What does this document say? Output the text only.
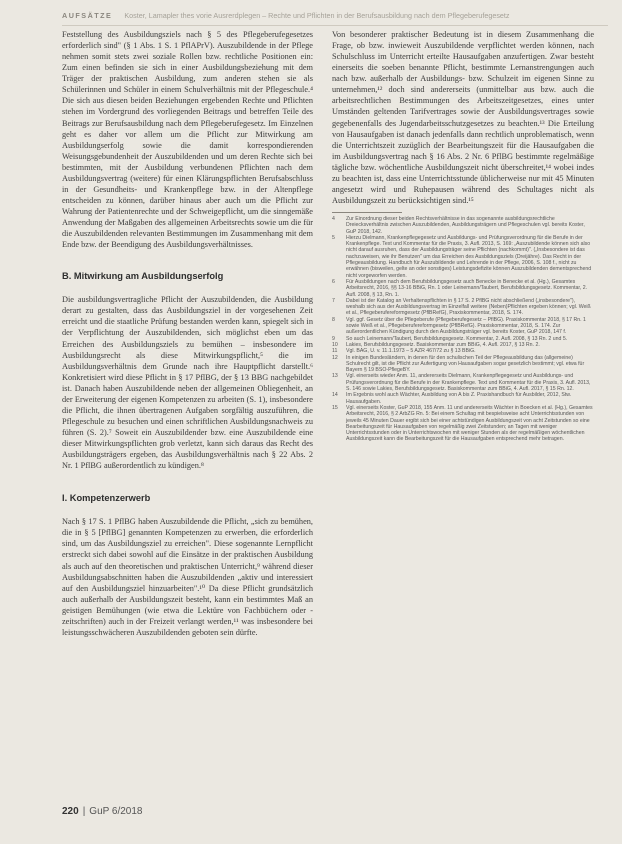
AUFSÄTZE Koster, Lamapler thes vorie Ausrerdplegen – Rechte und Pflichten in der Berufsausbildung nach dem Pflegeberufegesetz

Feststellung des Ausbildungsziels nach § 5 des Pflegeberufegesetzes erforderlich sind" (§ 1 Abs. 1 S. 1 PflAPrV). Auszubildende in der Pflege nehmen somit stets zwei soziale Rollen bzw. rechtliche Positionen ein: Zum einen befinden sie sich in einer Ausbildungsbeziehung mit dem Träger der praktischen Ausbildung, zum anderen stehen sie als Schülerinnen und Schüler in einem Schulverhältnis mit der Pflegeschule.⁴ Die sich aus diesen beiden Beziehungen ergebenden Rechte und Pflichten stehen im Vordergrund des vorliegenden Beitrags und betreffen Teile des Beitrags zur Berufsausbildung nach dem Pflegeberufegesetz. Im Einzelnen geht es daher vor allem um die Pflicht zur Mitwirkung am Ausbildungserfolg sowie die damit korrespondierenden Weisungsgebundenheit der Auszubildenden und um deren Rechte sich bei bestimmten, mit der Ausbildung verbundenen Pflichten nach dem Ausbildungsvertrag (weitere) für einen Klärungspflichten Berufsabschluss in der Gesundheits- und Krankenpflege bzw. in der Altenpflege entscheiden zu können, darüber hinaus aber auch um die Pflicht zur Wahrung der Patientenrechte und der Schweigepflicht, um die sinngemäße Anwendung der Maßgaben des allgemeinen Arbeitsrechts sowie um die für die Auszubildenden relevanten Bestimmungen im Zusammenhang mit dem Ende bzw. der Beendigung des Ausbildungsverhältnisses.

B. Mitwirkung am Ausbildungserfolg

Die ausbildungsvertragliche Pflicht der Auszubildenden, die Ausbildung derart zu gestalten, dass das Ausbildungsziel in der vorgesehenen Zeit erreicht und die staatliche Prüfung bestanden werden kann, spiegelt sich in der Verpflichtung der Auszubildenden, sich möglichst eben um das Erreichen des Ausbildungsziels zu bemühen – insbesondere im Ausbildungsrecht als diese Mitwirkungspflicht,⁵ die im Ausbildungsverhältnis dem Grunde nach ihre Hauptpflicht darstellt.⁶ Konkretisiert wird diese Pflicht in § 17 PflBG, der § 13 BBG nachgebildet ist. Danach haben Auszubildende neben der allgemeinen Obliegenheit, an der Erweiterung der eigenen Kompetenzen zu arbeiten (S. 1), insbesondere die Pflicht, die ihnen übertragenen Aufgaben sorgfältig auszuführen, die Pflegeschule zu besuchen und einen schriftlichen Ausbildungsnachweis zu führen (S. 2).⁷ Soweit ein Auszubildender bzw. eine Auszubildende eine dieser Mitwirkungspflichten grob verletzt, kann sich daraus das Recht des Ausbildungsträgers ergeben, das Ausbildungsverhältnis nach § 22 Abs. 2 Nr. 1 PflBG außerordentlich zu kündigen.⁸

I. Kompetenzerwerb

Nach § 17 S. 1 PflBG haben Auszubildende die Pflicht, „sich zu bemühen, die in § 5 [PflBG] genannten Kompetenzen zu erwerben, die erforderlich sind, um das Ausbildungsziel zu erreichen". Diese sogenannte Lernpflicht erstreckt sich dabei sowohl auf die Einsätze in der praktischen Ausbildung als auch auf den theoretischen und praktischen Unterricht,⁹ während dieser Ausbildungsabschnitten haben die Auszubildenden „aktiv und interessiert auf den Ausbildungsziel hinzuarbeiten".¹⁰ Da diese Pflicht grundsätzlich auch außerhalb der Ausbildungszeit besteht, kann ein bestimmtes Maß an geistigen Bemühungen (wie etwa die Lektüre von Fachbüchern oder -zeitschriften) auch in der Freizeit verlangt werden,¹¹ was insbesondere bei leistungsschwächeren Auszubildenden geboten sein dürfte.

Von besonderer praktischer Bedeutung ist in diesem Zusammenhang die Frage, ob bzw. inwieweit Auszubildende verpflichtet werden können, nach Schulschluss im Unterricht erteilte Hausaufgaben anzufertigen. Zwar besteht einerseits die soeben benannte Pflicht, bestimmte Lernanstrengungen auch nach bzw. außerhalb der Ausbildungs- bzw. Schulzeit im eigenen Sinne zu unternehmen,¹² doch sind andererseits (unmittelbar aus bzw. auch die arbeitsrechtlichen Bestimmungen des Arbeitszeitgesetzes, eines unter Umständen geltenden Tarifvertrages sowie der Ausbildungsvertrages sowie gegebenenfalls des Jugendarbeitsschutzgesetzes zu beachten.¹³ Die Erteilung von Hausaufgaben ist danach jedenfalls dann rechtlich unproblematisch, wenn die Unterrichtszeit zuzüglich der Bearbeitungszeit für die Hausaufgaben die im Ausbildungsvertrag nach § 16 Abs. 2 Nr. 6 PflBG bestimmte regelmäßige tägliche bzw. wöchentliche Ausbildungszeit nicht überschreitet,¹⁴ wobei indes zu beachten ist, dass eine Unterrichtsstunde üblicherweise nur mit 45 Minuten angesetzt wird und Ruhepausen während des Schultages nicht als Ausbildungszeit zu berücksichtigen sind.¹⁵

4	Zur Einordnung dieser beiden Rechtsverhältnisse in das sogenannte ausbildungsrechtliche Dreiecksverhältnis zwischen Auszubildenden, Ausbildungsträgern und Pflegeschulen vgl. bereits Koster, GuP 2018, 142.
5	Hierzu Dielmann, Krankenpflegegesetz und Ausbildungs- und Prüfungsverordnung für die Berufe in der Krankenpflege. Text und Kommentar für die Praxis, 3. Aufl. 2013, S. 169: „Auszubildende können sich also nicht darauf ausruhen, dass der Ausbildungsträger seine Pflichten (nachkommt)". („Insbesondere ist das nachzuweisen, wie ihr Benutzen" um das Erreichen des Ausbildungsziels (Dreijähre). Das Recht in der Pflegeausbildung. Handbuch für Auszubildende und Lehrende in der Pflege, 2006, S. 108 f., nicht zu erwähnen (bisweilen, gelte an oder sonstiges) Leistungsdefizite können Auszubildenden dementsprechend nicht vorgeworfen werden.
6	Für Ausbildungen nach dem Berufsbildungsgesetz auch Benecke in Benecke et al. (Hg.), Gesamtes Arbeitsrecht, 2016, §§ 13-16 BBiG, Rn. 1 oder Leinemann/Taubert, Berufsbildungsgesetz. Kommentar, 2. Aufl. 2008, § 13, Rn. 1.
7	Dabei ist der Katalog an Verhaltenspflichten in § 17 S. 2 PflBG nicht abschließend („insbesondere"), weshalb sich aus der Ausbildungsvertrag im Einzelfall weitere (Neben)Pflichten ergeben können; vgl. Weiß et al., Pflegeberufereformgesetz (PflBRefG), Praxiskommentar, 2018, S. 174.
8	Vgl. ggf. Gesetz über die Pflegeberufe (Pflegeberufegesetz – PflBG). Praxiskommentar 2018, § 17 Rn. 1 sowie Weiß et al., Pflegeberufereformgesetz (PflBRefG). Praxiskommentar, 2018, S. 174. Zur außerordentlichen Kündigung durch den Ausbildungsträger vgl. bereits Koster, GuP 2018, 147 f.
9	So auch Leinemann/Taubert, Berufsbildungsgesetz. Kommentar, 2. Aufl. 2008, § 13 Rn. 2 und 5.
10	Lakies, Berufsbildungsgesetz. Basiskommentar zum BBiG, 4. Aufl. 2017, § 13 Rn. 2.
11	Vgl. BAG, U. v. 11.1.1973 – 5 AZR 467/72 zu § 13 BBiG.
12	In einigen Bundesländern, in denen für den schulischen Teil der Pflegeausbildung das (allgemeine) Schulrecht gilt, ist die Pflicht zur Aufertigung von Hausaufgaben sogar gesetzlich bestimmt; vgl. etwa für Bayern § 19 BSO-PflegeBY.
13	Vgl. einerseits wieder Anm. 11, andererseits Dielmann, Krankenpflegegesetz und Ausbildungs- und Prüfungsverordnung für die Berufe in der Krankenpflege. Text und Kommentar für die Praxis, 3. Aufl. 2013, S. 146 sowie Lakies, Berufsbildungsgesetz. Basiskommentar zum BBiG, 4. Aufl. 2017, § 15 Rn. 12.
14	Im Ergebnis wohl auch Wächter, Ausbildung von A bis Z. Praxishandbuch für Ausbilder, 2012, Stw. Hausaufgaben.
15	Vgl. einerseits Koster, GuP 2018, 155 Anm. 11 und andererseits Wächter in Boecken et al. (Hg.), Gesamtes Arbeitsrecht, 2016, § 2 ArbZG Rn. 5: Bei einem Schultag mit bespielsweise acht Unterrichtsstunden von jeweils 45 Minuten Dauer ergibt sich bei einer achtstündigen Ausbildungszeit von acht Zeitstunden so eine Bearbeitungszeit für Hausaufgaben von regelmäßig zwei Zeitstunden; an Tagen mit weniger Unterrichtsstunden oder in Unterrichtswochen mit weniger Stunden als der regelmäßigen wöchentlichen Ausbildungszeit kann die Bearbeitungszeit für die Hausaufgaben entsprechend mehr betragen.
220 | GuP 6/2018
